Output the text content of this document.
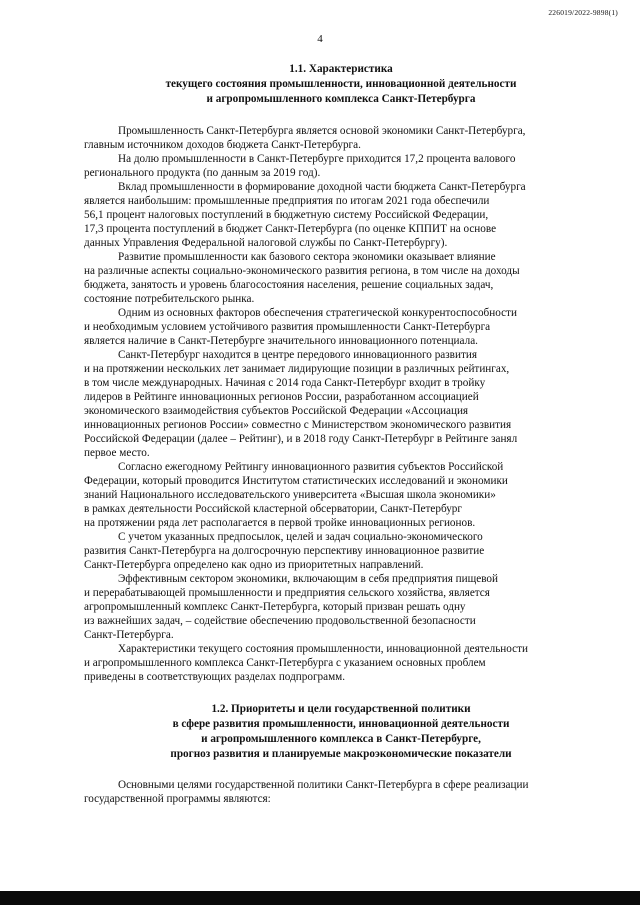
226019/2022-9898(1)
4
1.1. Характеристика
текущего состояния промышленности, инновационной деятельности
и агропромышленного комплекса Санкт-Петербурга

Промышленность Санкт-Петербурга является основой экономики Санкт-Петербурга,
главным источником доходов бюджета Санкт-Петербурга.

На долю промышленности в Санкт-Петербурге приходится 17,2 процента валового
регионального продукта (по данным за 2019 год).

Вклад промышленности в формирование доходной части бюджета Санкт-Петербурга
является наибольшим: промышленные предприятия по итогам 2021 года обеспечили
56,1 процент налоговых поступлений в бюджетную систему Российской Федерации,
17,3 процента поступлений в бюджет Санкт-Петербурга (по оценке КППИТ на основе
данных Управления Федеральной налоговой службы по Санкт-Петербургу).

Развитие промышленности как базового сектора экономики оказывает влияние
на различные аспекты социально-экономического развития региона, в том числе на доходы
бюджета, занятость и уровень благосостояния населения, решение социальных задач,
состояние потребительского рынка.

Одним из основных факторов обеспечения стратегической конкурентоспособности
и необходимым условием устойчивого развития промышленности Санкт-Петербурга
является наличие в Санкт-Петербурге значительного инновационного потенциала.

Санкт-Петербург находится в центре передового инновационного развития
и на протяжении нескольких лет занимает лидирующие позиции в различных рейтингах,
в том числе международных. Начиная с 2014 года Санкт-Петербург входит в тройку
лидеров в Рейтинге инновационных регионов России, разработанном ассоциацией
экономического взаимодействия субъектов Российской Федерации «Ассоциация
инновационных регионов России» совместно с Министерством экономического развития
Российской Федерации (далее – Рейтинг), и в 2018 году Санкт-Петербург в Рейтинге занял
первое место.

Согласно ежегодному Рейтингу инновационного развития субъектов Российской
Федерации, который проводится Институтом статистических исследований и экономики
знаний Национального исследовательского университета «Высшая школа экономики»
в рамках деятельности Российской кластерной обсерватории, Санкт-Петербург
на протяжении ряда лет располагается в первой тройке инновационных регионов.

С учетом указанных предпосылок, целей и задач социально-экономического
развития Санкт-Петербурга на долгосрочную перспективу инновационное развитие
Санкт-Петербурга определено как одно из приоритетных направлений.

Эффективным сектором экономики, включающим в себя предприятия пищевой
и перерабатывающей промышленности и предприятия сельского хозяйства, является
агропромышленный комплекс Санкт-Петербурга, который призван решать одну
из важнейших задач, – содействие обеспечению продовольственной безопасности
Санкт-Петербурга.

Характеристики текущего состояния промышленности, инновационной деятельности
и агропромышленного комплекса Санкт-Петербурга с указанием основных проблем
приведены в соответствующих разделах подпрограмм.

1.2. Приоритеты и цели государственной политики
в сфере развития промышленности, инновационной деятельности
и агропромышленного комплекса в Санкт-Петербурге,
прогноз развития и планируемые макроэкономические показатели

Основными целями государственной политики Санкт-Петербурга в сфере реализации
государственной программы являются:
